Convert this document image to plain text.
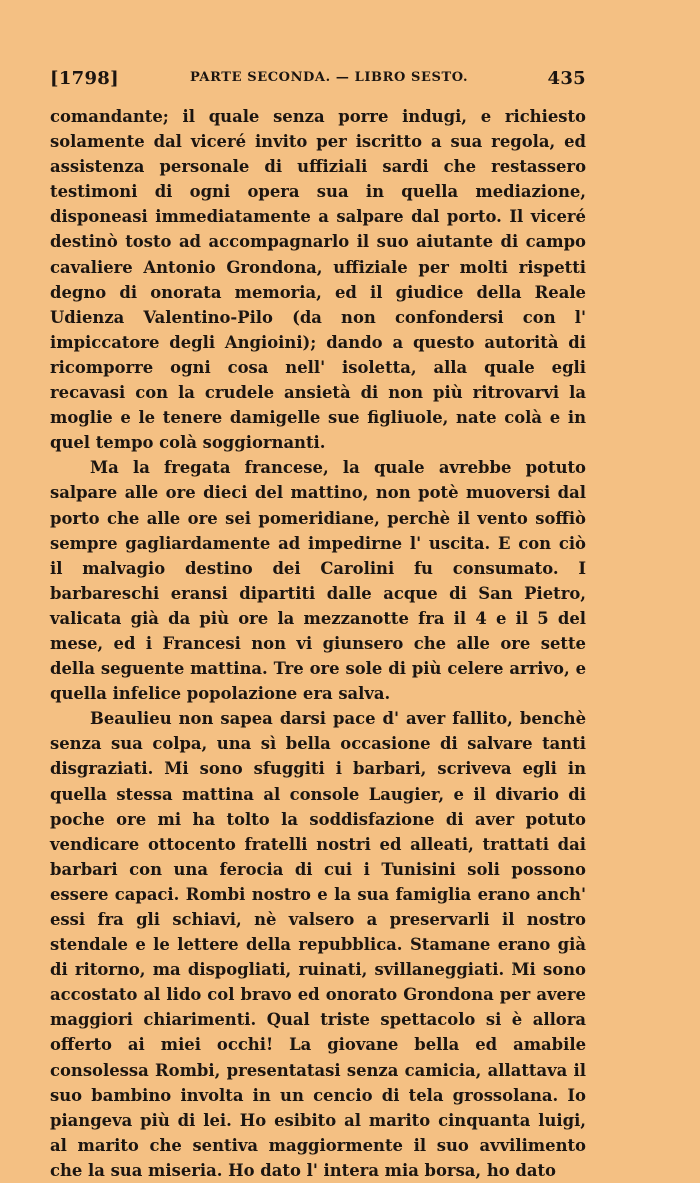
[1798]	PARTE SECONDA. — LIBRO SESTO.	435

comandante; il quale senza porre indugi, e richiesto solamente dal viceré invito per iscritto a sua regola, ed assistenza personale di uffiziali sardi che restassero testimoni di ogni opera sua in quella mediazione, disponeasi immediatamente a salpare dal porto. Il viceré destinò tosto ad accompagnarlo il suo aiutante di campo cavaliere Antonio Grondona, uffiziale per molti rispetti degno di onorata memoria, ed il giudice della Reale Udienza Valentino-Pilo (da non confondersi con l' impiccatore degli Angioini); dando a questo autorità di ricomporre ogni cosa nell' isoletta, alla quale egli recavasi con la crudele ansietà di non più ritrovarvi la moglie e le tenere damigelle sue figliuole, nate colà e in quel tempo colà soggiornanti.

Ma la fregata francese, la quale avrebbe potuto salpare alle ore dieci del mattino, non potè muoversi dal porto che alle ore sei pomeridiane, perchè il vento soffiò sempre gagliardamente ad impedirne l' uscita. E con ciò il malvagio destino dei Carolini fu consumato. I barbareschi eransi dipartiti dalle acque di San Pietro, valicata già da più ore la mezzanotte fra il 4 e il 5 del mese, ed i Francesi non vi giunsero che alle ore sette della seguente mattina. Tre ore sole di più celere arrivo, e quella infelice popolazione era salva.

Beaulieu non sapea darsi pace d' aver fallito, benchè senza sua colpa, una sì bella occasione di salvare tanti disgraziati. Mi sono sfuggiti i barbari, scriveva egli in quella stessa mattina al console Laugier, e il divario di poche ore mi ha tolto la soddisfazione di aver potuto vendicare ottocento fratelli nostri ed alleati, trattati dai barbari con una ferocia di cui i Tunisini soli possono essere capaci. Rombi nostro e la sua famiglia erano anch' essi fra gli schiavi, nè valsero a preservarli il nostro stendale e le lettere della repubblica. Stamane erano già di ritorno, ma dispogliati, ruinati, svillaneggiati. Mi sono accostato al lido col bravo ed onorato Grondona per avere maggiori chiarimenti. Qual triste spettacolo si è allora offerto ai miei occhi! La giovane bella ed amabile consolessa Rombi, presentatasi senza camicia, allattava il suo bambino involta in un cencio di tela grossolana. Io piangeva più di lei. Ho esibito al marito cinquanta luigi, al marito che sentiva maggiormente il suo avvilimento che la sua miseria. Ho dato l' intera mia borsa, ho dato
